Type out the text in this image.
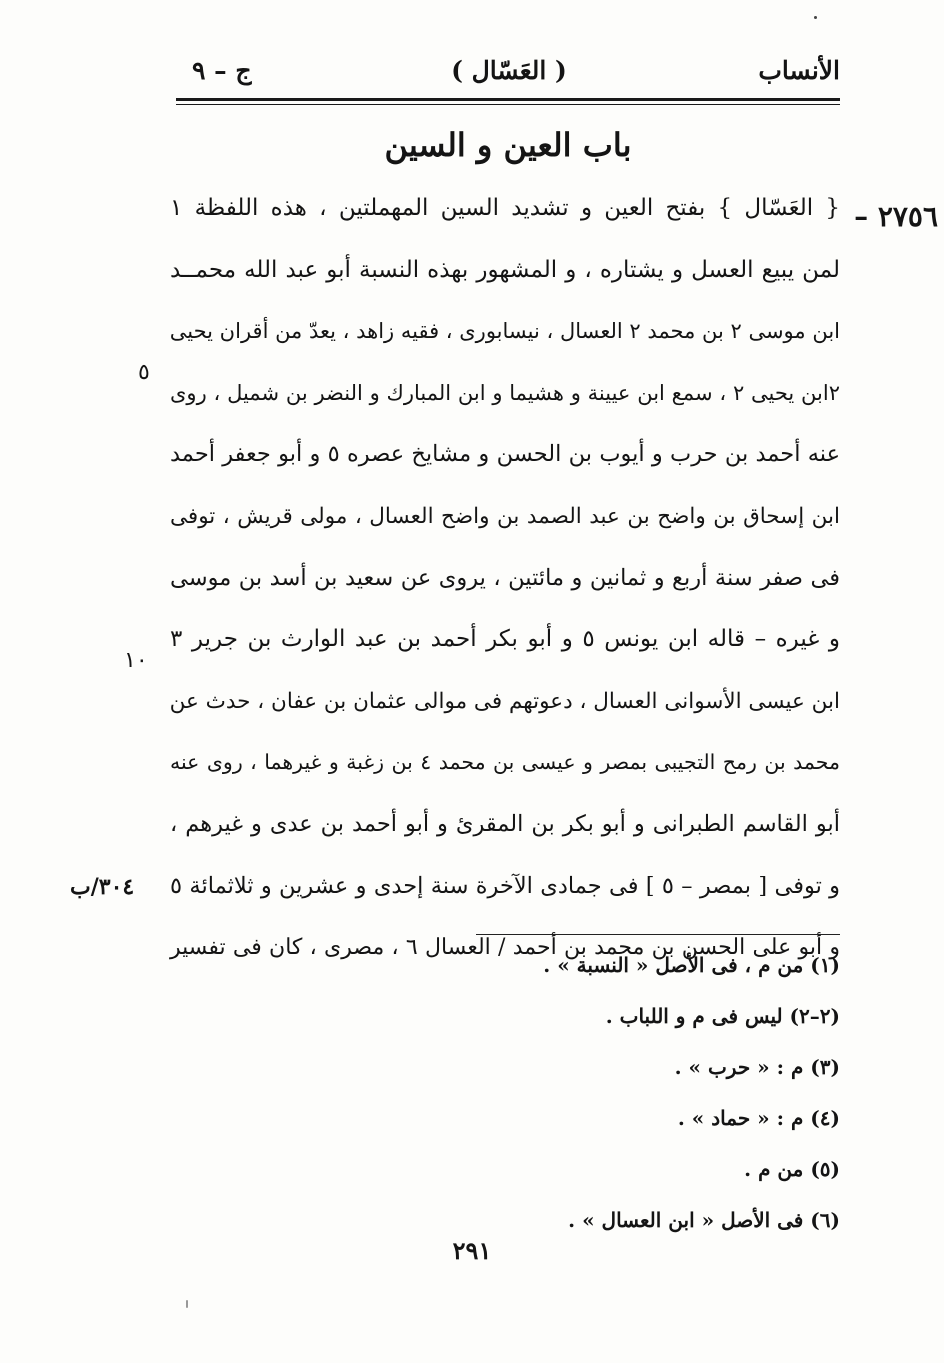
الأنساب
( العَسّال )
ج – ٩
باب العين و السين
٢٧٥٦ –
{ العَسّال } بفتح العين و تشديد السين المهملتين ، هذه اللفظة ١
لمن يبيع العسل و يشتاره ، و المشهور بهذه النسبة أبو عبد الله محمــد
ابن موسى ٢ بن محمد ٢ العسال ، نيسابورى ، فقيه زاهد ، يعدّ من أقران يحيى
٢ابن يحيى ٢ ، سمع ابن عيينة و هشيما و ابن المبارك و النضر بن شميل ، روى
عنه أحمد بن حرب و أيوب بن الحسن و مشايخ عصره ٥ و أبو جعفر أحمد
ابن إسحاق بن واضح بن عبد الصمد بن واضح العسال ، مولى قريش ، توفى
فى صفر سنة أربع و ثمانين و مائتين ، يروى عن سعيد بن أسد بن موسى
و غيره – قاله ابن يونس ٥ و أبو بكر أحمد بن عبد الوارث بن جرير ٣
ابن عيسى الأسوانى العسال ، دعوتهم فى موالى عثمان بن عفان ، حدث عن
محمد بن رمح التجيبى بمصر و عيسى بن محمد ٤ بن زغبة و غيرهما ، روى عنه
أبو القاسم الطبرانى و أبو بكر بن المقرئ و أبو أحمد بن عدى و غيرهم ،
و توفى [ بمصر – ٥ ] فى جمادى الآخرة سنة إحدى و عشرين و ثلاثمائة ٥
و أبو على الحسن بن محمد بن أحمد / العسال ٦ ، مصرى ، كان فى تفسير
٥
١٠
٣٠٤/ب
(١) من م ، فى الأصل « النسبة » .
(٢–٢) ليس فى م و اللباب .
(٣) م : « حرب » .
(٤) م : « حماد » .
(٥) من م .
(٦) فى الأصل « ابن العسال » .
٢٩١
